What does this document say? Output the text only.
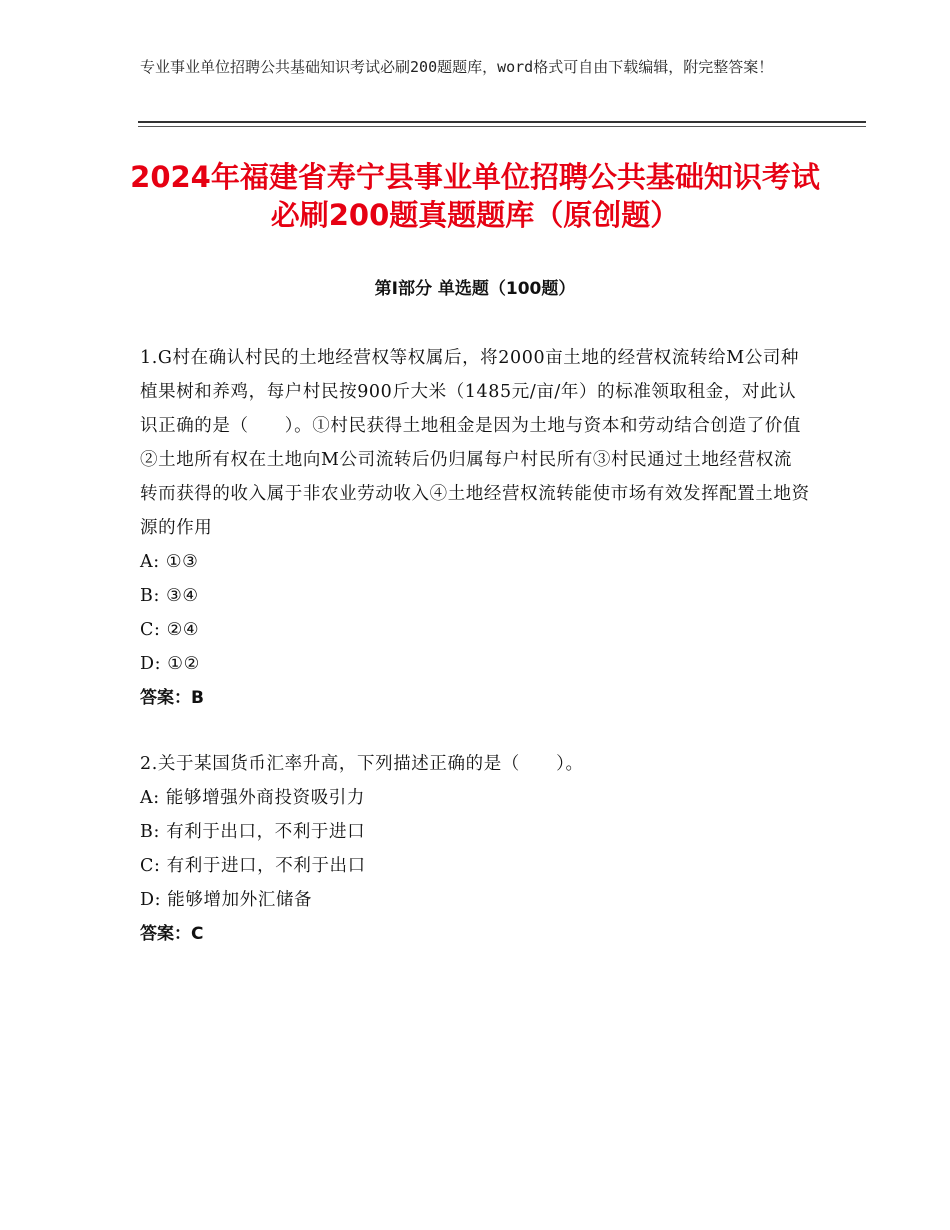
专业事业单位招聘公共基础知识考试必刷200题题库，word格式可自由下载编辑，附完整答案！
2024年福建省寿宁县事业单位招聘公共基础知识考试必刷200题真题题库（原创题）
第I部分 单选题（100题）

1.G村在确认村民的土地经营权等权属后，将2000亩土地的经营权流转给M公司种植果树和养鸡，每户村民按900斤大米（1485元/亩/年）的标准领取租金，对此认识正确的是（　　）。①村民获得土地租金是因为土地与资本和劳动结合创造了价值②土地所有权在土地向M公司流转后仍归属每户村民所有③村民通过土地经营权流转而获得的收入属于非农业劳动收入④土地经营权流转能使市场有效发挥配置土地资源的作用

A: ①③

B: ③④

C: ②④

D: ①②

答案：B

2.关于某国货币汇率升高，下列描述正确的是（　　）。

A: 能够增强外商投资吸引力

B: 有利于出口，不利于进口

C: 有利于进口，不利于出口

D: 能够增加外汇储备

答案：C
